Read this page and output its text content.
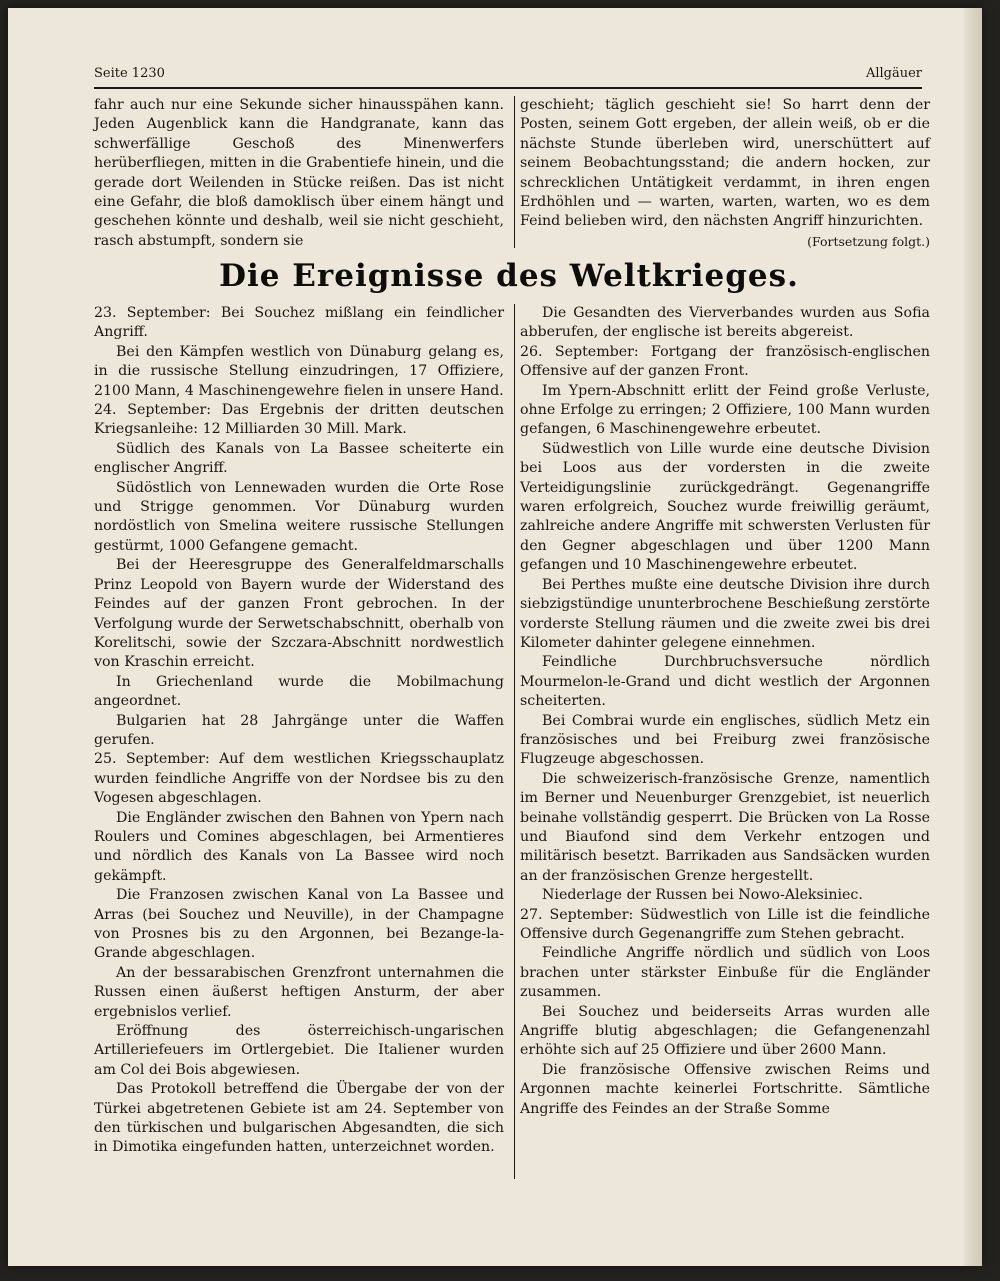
Seite 1230	Allgäuer

fahr auch nur eine Sekunde sicher hinausspähen kann. Jeden Augenblick kann die Handgranate, kann das schwerfällige Geschoß des Minenwerfers herüberfliegen, mitten in die Grabentiefe hinein, und die gerade dort Weilenden in Stücke reißen. Das ist nicht eine Gefahr, die bloß damoklisch über einem hängt und geschehen könnte und deshalb, weil sie nicht geschieht, rasch abstumpft, sondern sie

geschieht; täglich geschieht sie! So harrt denn der Posten, seinem Gott ergeben, der allein weiß, ob er die nächste Stunde überleben wird, unerschüttert auf seinem Beobachtungsstand; die andern hocken, zur schrecklichen Untätigkeit verdammt, in ihren engen Erdhöhlen und — warten, warten, warten, wo es dem Feind belieben wird, den nächsten Angriff hinzurichten.
(Fortsetzung folgt.)

Die Ereignisse des Weltkrieges.

23. September: Bei Souchez mißlang ein feindlicher Angriff.

Bei den Kämpfen westlich von Dünaburg gelang es, in die russische Stellung einzudringen, 17 Offiziere, 2100 Mann, 4 Maschinengewehre fielen in unsere Hand.

24. September: Das Ergebnis der dritten deutschen Kriegsanleihe: 12 Milliarden 30 Mill. Mark.

Südlich des Kanals von La Bassee scheiterte ein englischer Angriff.

Südöstlich von Lennewaden wurden die Orte Rose und Strigge genommen. Vor Dünaburg wurden nordöstlich von Smelina weitere russische Stellungen gestürmt, 1000 Gefangene gemacht.

Bei der Heeresgruppe des Generalfeldmarschalls Prinz Leopold von Bayern wurde der Widerstand des Feindes auf der ganzen Front gebrochen. In der Verfolgung wurde der Serwetschabschnitt, oberhalb von Korelitschi, sowie der Szczara-Abschnitt nordwestlich von Kraschin erreicht.

In Griechenland wurde die Mobilmachung angeordnet.

Bulgarien hat 28 Jahrgänge unter die Waffen gerufen.

25. September: Auf dem westlichen Kriegsschauplatz wurden feindliche Angriffe von der Nordsee bis zu den Vogesen abgeschlagen.

Die Engländer zwischen den Bahnen von Ypern nach Roulers und Comines abgeschlagen, bei Armentieres und nördlich des Kanals von La Bassee wird noch gekämpft.

Die Franzosen zwischen Kanal von La Bassee und Arras (bei Souchez und Neuville), in der Champagne von Prosnes bis zu den Argonnen, bei Bezange-la-Grande abgeschlagen.

An der bessarabischen Grenzfront unternahmen die Russen einen äußerst heftigen Ansturm, der aber ergebnislos verlief.

Eröffnung des österreichisch-ungarischen Artilleriefeuers im Ortlergebiet. Die Italiener wurden am Col dei Bois abgewiesen.

Das Protokoll betreffend die Übergabe der von der Türkei abgetretenen Gebiete ist am 24. September von den türkischen und bulgarischen Abgesandten, die sich in Dimotika eingefunden hatten, unterzeichnet worden.

Die Gesandten des Vierverbandes wurden aus Sofia abberufen, der englische ist bereits abgereist.

26. September: Fortgang der französisch-englischen Offensive auf der ganzen Front.

Im Ypern-Abschnitt erlitt der Feind große Verluste, ohne Erfolge zu erringen; 2 Offiziere, 100 Mann wurden gefangen, 6 Maschinengewehre erbeutet.

Südwestlich von Lille wurde eine deutsche Division bei Loos aus der vordersten in die zweite Verteidigungslinie zurückgedrängt. Gegenangriffe waren erfolgreich, Souchez wurde freiwillig geräumt, zahlreiche andere Angriffe mit schwersten Verlusten für den Gegner abgeschlagen und über 1200 Mann gefangen und 10 Maschinengewehre erbeutet.

Bei Perthes mußte eine deutsche Division ihre durch siebzigstündige ununterbrochene Beschießung zerstörte vorderste Stellung räumen und die zweite zwei bis drei Kilometer dahinter gelegene einnehmen.

Feindliche Durchbruchsversuche nördlich Mourmelon-le-Grand und dicht westlich der Argonnen scheiterten.

Bei Combrai wurde ein englisches, südlich Metz ein französisches und bei Freiburg zwei französische Flugzeuge abgeschossen.

Die schweizerisch-französische Grenze, namentlich im Berner und Neuenburger Grenzgebiet, ist neuerlich beinahe vollständig gesperrt. Die Brücken von La Rosse und Biaufond sind dem Verkehr entzogen und militärisch besetzt. Barrikaden aus Sandsäcken wurden an der französischen Grenze hergestellt.

Niederlage der Russen bei Nowo-Aleksiniec.

27. September: Südwestlich von Lille ist die feindliche Offensive durch Gegenangriffe zum Stehen gebracht.

Feindliche Angriffe nördlich und südlich von Loos brachen unter stärkster Einbuße für die Engländer zusammen.

Bei Souchez und beiderseits Arras wurden alle Angriffe blutig abgeschlagen; die Gefangenenzahl erhöhte sich auf 25 Offiziere und über 2600 Mann.

Die französische Offensive zwischen Reims und Argonnen machte keinerlei Fortschritte. Sämtliche Angriffe des Feindes an der Straße Somme
